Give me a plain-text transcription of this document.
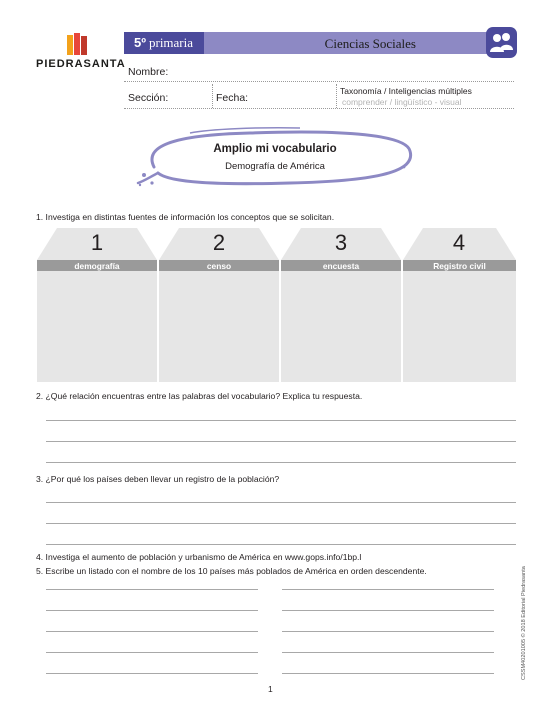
PIEDRASANTA
5º primaria	Ciencias Sociales
Nombre:
Sección:	Fecha:
Taxonomía / Inteligencias múltiples
comprender / lingüístico - visual
Amplio mi vocabulario
Demografía de América
1. Investiga en distintas fuentes de información los conceptos que se solicitan.
1
demografía
2
censo
3
encuesta
4
Registro civil
2. ¿Qué relación encuentras entre las palabras del vocabulario? Explica tu respuesta.
3. ¿Por qué los países deben llevar un registro de la población?
4. Investiga el aumento de población y urbanismo de América en www.gops.info/1bp.l
5. Escribe un listado con el nombre de los 10 países más poblados de América en orden descendente.	CSSM40201005 © 2018 Editorial Piedrasanta
1
